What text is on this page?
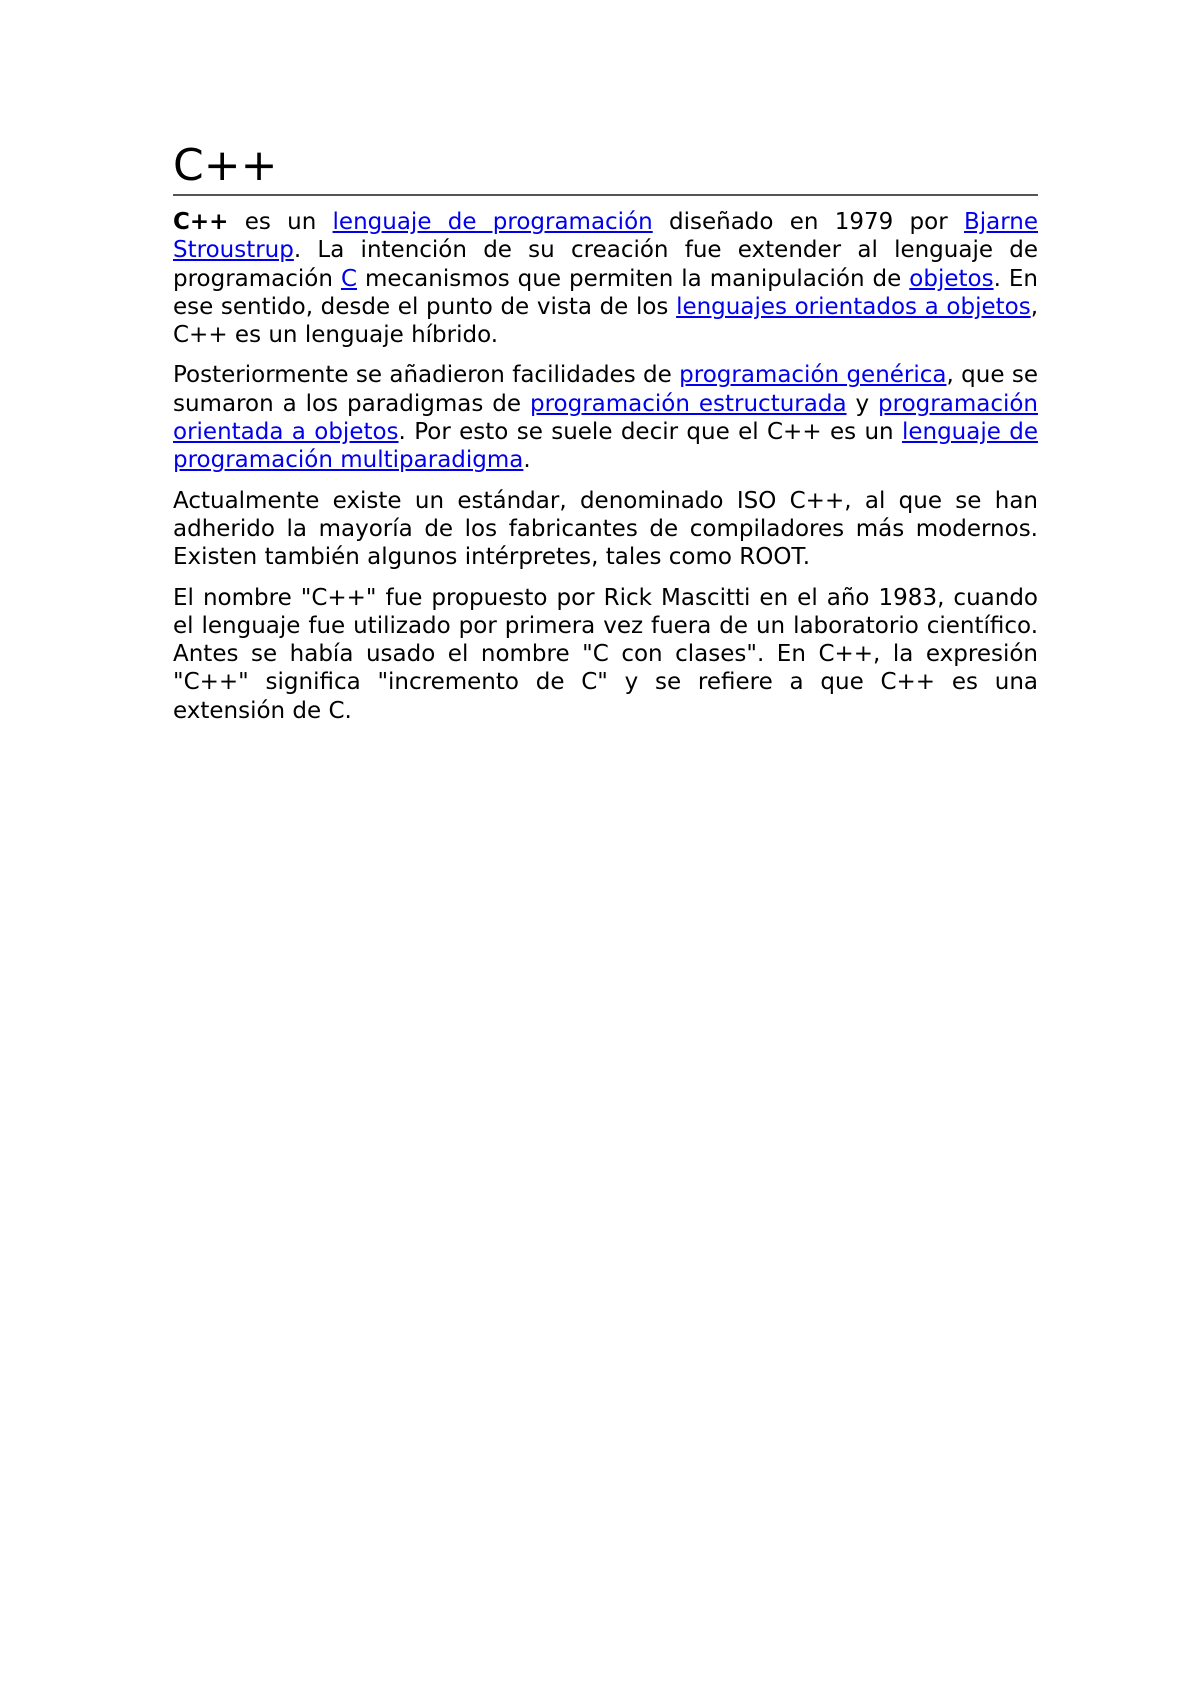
C++

C++ es un lenguaje de programación diseñado en 1979 por Bjarne Stroustrup. La intención de su creación fue extender al lenguaje de programación C mecanismos que permiten la manipulación de objetos. En ese sentido, desde el punto de vista de los lenguajes orientados a objetos, C++ es un lenguaje híbrido.

Posteriormente se añadieron facilidades de programación genérica, que se sumaron a los paradigmas de programación estructurada y programación orientada a objetos. Por esto se suele decir que el C++ es un lenguaje de programación multiparadigma.

Actualmente existe un estándar, denominado ISO C++, al que se han adherido la mayoría de los fabricantes de compiladores más modernos. Existen también algunos intérpretes, tales como ROOT.

El nombre "C++" fue propuesto por Rick Mascitti en el año 1983, cuando el lenguaje fue utilizado por primera vez fuera de un laboratorio científico. Antes se había usado el nombre "C con clases". En C++, la expresión "C++" significa "incremento de C" y se refiere a que C++ es una extensión de C.
